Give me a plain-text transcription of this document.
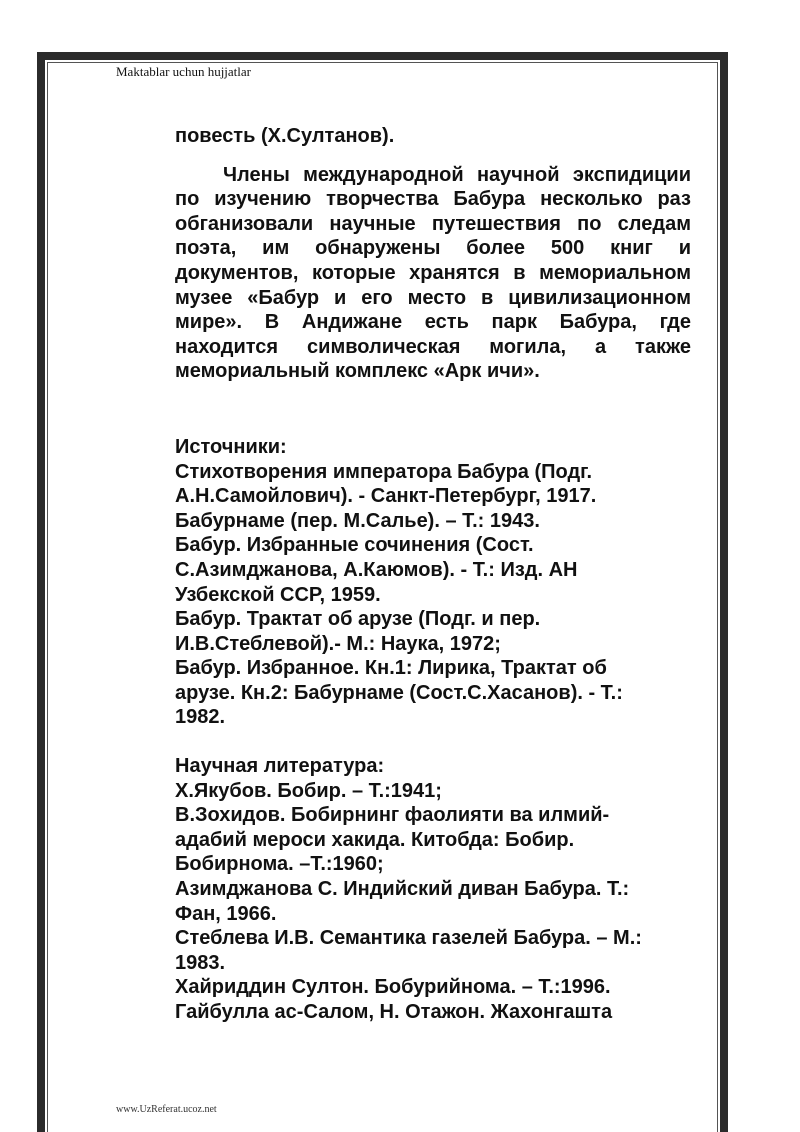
Maktablar uchun hujjatlar

повесть (Х.Султанов).

Члены международной научной экспидиции по изучению творчества Бабура несколько раз обганизовали научные путешествия по следам поэта, им обнаружены более 500 книг и документов, которые хранятся в мемориальном музее «Бабур и его место в цивилизационном мире». В Андижане есть парк Бабура, где находится символическая могила, а также мемориальный комплекс «Арк ичи».

Источники:

Стихотворения императора Бабура (Подг.
А.Н.Самойлович). - Санкт-Петербург, 1917.
Бабурнаме (пер. М.Салье). – Т.: 1943.
Бабур. Избранные сочинения (Сост.
С.Азимджанова, А.Каюмов). - Т.: Изд. АН
Узбекской ССР, 1959.
Бабур. Трактат об арузе (Подг. и пер.
И.В.Стеблевой).- М.: Наука, 1972;
Бабур. Избранное. Кн.1: Лирика, Трактат об
арузе. Кн.2: Бабурнаме (Сост.С.Хасанов). - Т.:
1982.

Научная литература:

Х.Якубов. Бобир. – Т.:1941;
В.Зохидов. Бобирнинг фаолияти ва илмий-
адабий мероси хакида. Китобда: Бобир.
Бобирнома. –Т.:1960;
Азимджанова С. Индийский диван Бабура. Т.:
Фан, 1966.
Стеблева И.В. Семантика газелей Бабура. – М.:
1983.
Хайриддин Султон. Бобурийнома. – Т.:1996.
Гайбулла ас-Салом, Н. Отажон. Жахонгашта
www.UzReferat.ucoz.net
